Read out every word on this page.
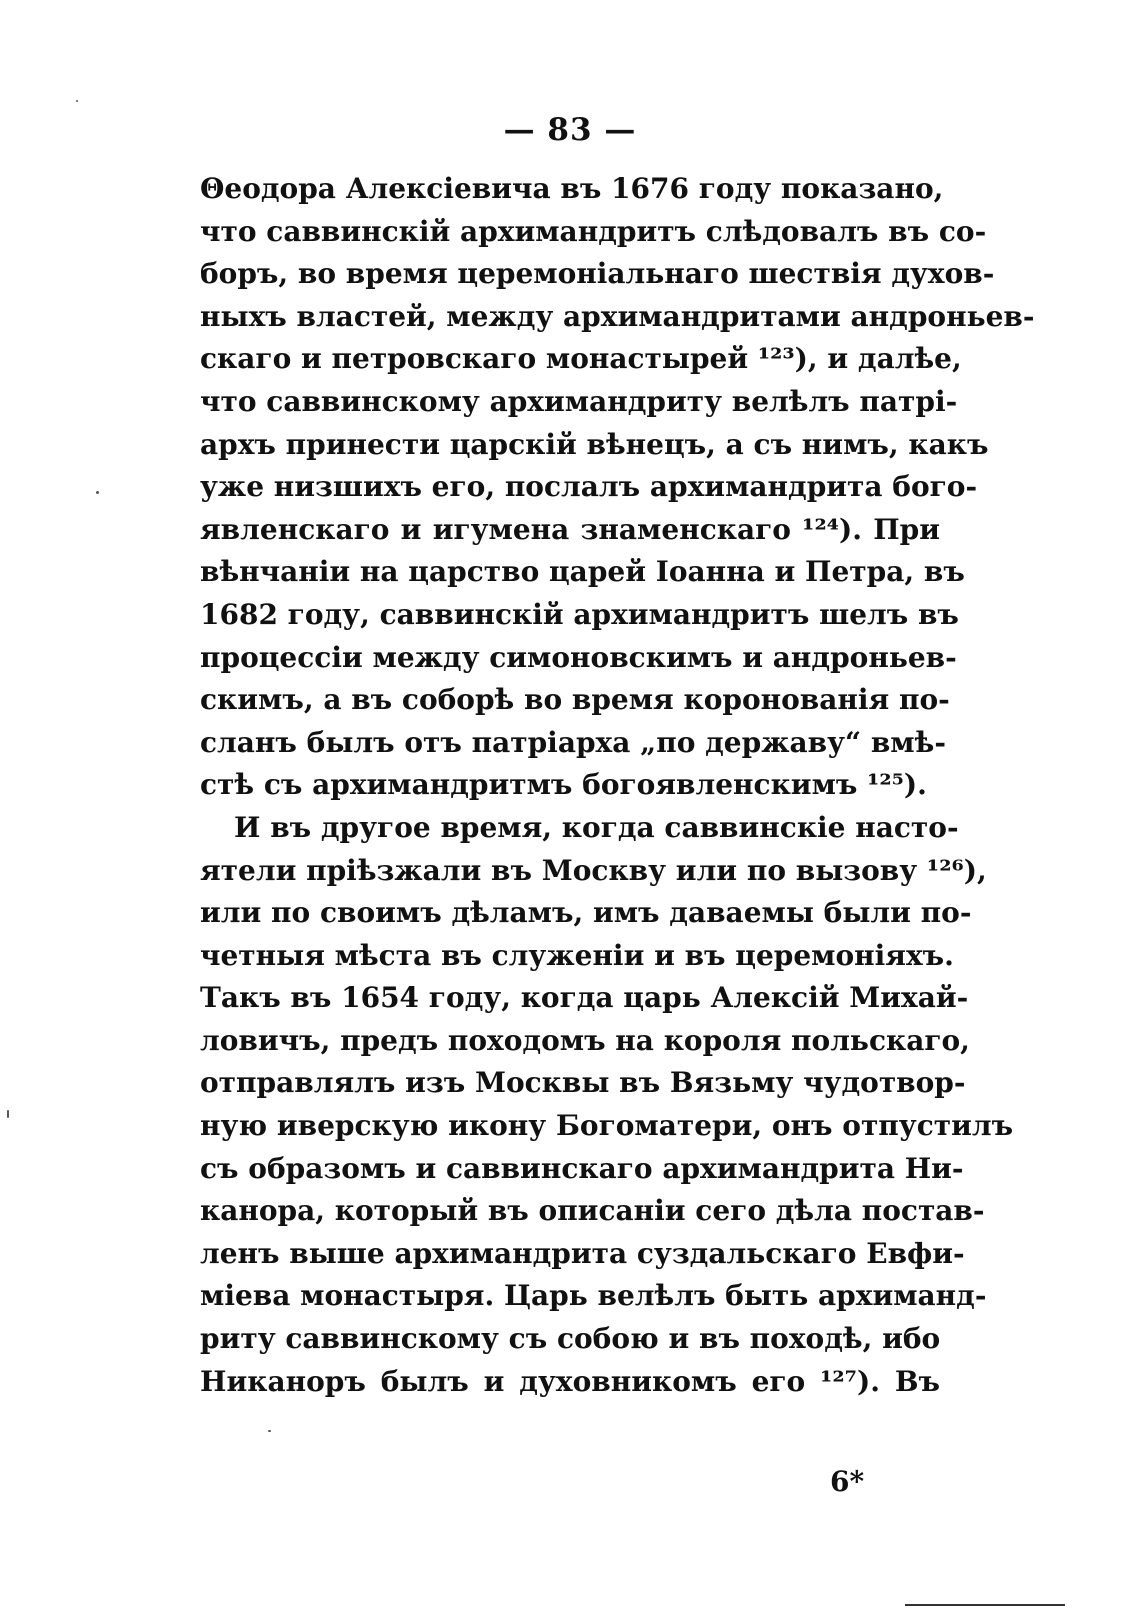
— 83 —
Θеодора Алексіевича въ 1676 году показано,
что саввинскій архимандритъ слѣдовалъ въ со-
боръ, во время церемоніальнаго шествія духов-
ныхъ властей, между архимандритами андроньев-
скаго и петровскаго монастырей ¹²³), и далѣе,
что саввинскому архимандриту велѣлъ патрі-
архъ принести царскій вѣнецъ, а съ нимъ, какъ
уже низшихъ его, послалъ архимандрита бого-
явленскаго и игумена знаменскаго ¹²⁴). При
вѣнчаніи на царство царей Іоанна и Петра, въ
1682 году, саввинскій архимандритъ шелъ въ
процессіи между симоновскимъ и андроньев-
скимъ, а въ соборѣ во время коронованія по-
сланъ былъ отъ патріарха „по державу“ вмѣ-
стѣ съ архимандритмъ богоявленскимъ ¹²⁵).
И въ другое время, когда саввинскіе насто-
ятели пріѣзжали въ Москву или по вызову ¹²⁶),
или по своимъ дѣламъ, имъ даваемы были по-
четныя мѣста въ служеніи и въ церемоніяхъ.
Такъ въ 1654 году, когда царь Алексій Михай-
ловичъ, предъ походомъ на короля польскаго,
отправлялъ изъ Москвы въ Вязьму чудотвор-
ную иверскую икону Богоматери, онъ отпустилъ
съ образомъ и саввинскаго архимандрита Ни-
канора, который въ описаніи сего дѣла постав-
ленъ выше архимандрита суздальскаго Евфи-
міева монастыря. Царь велѣлъ быть архиманд-
риту саввинскому съ собою и въ походѣ, ибо
Никаноръ былъ и духовникомъ его ¹²⁷). Въ
6*
